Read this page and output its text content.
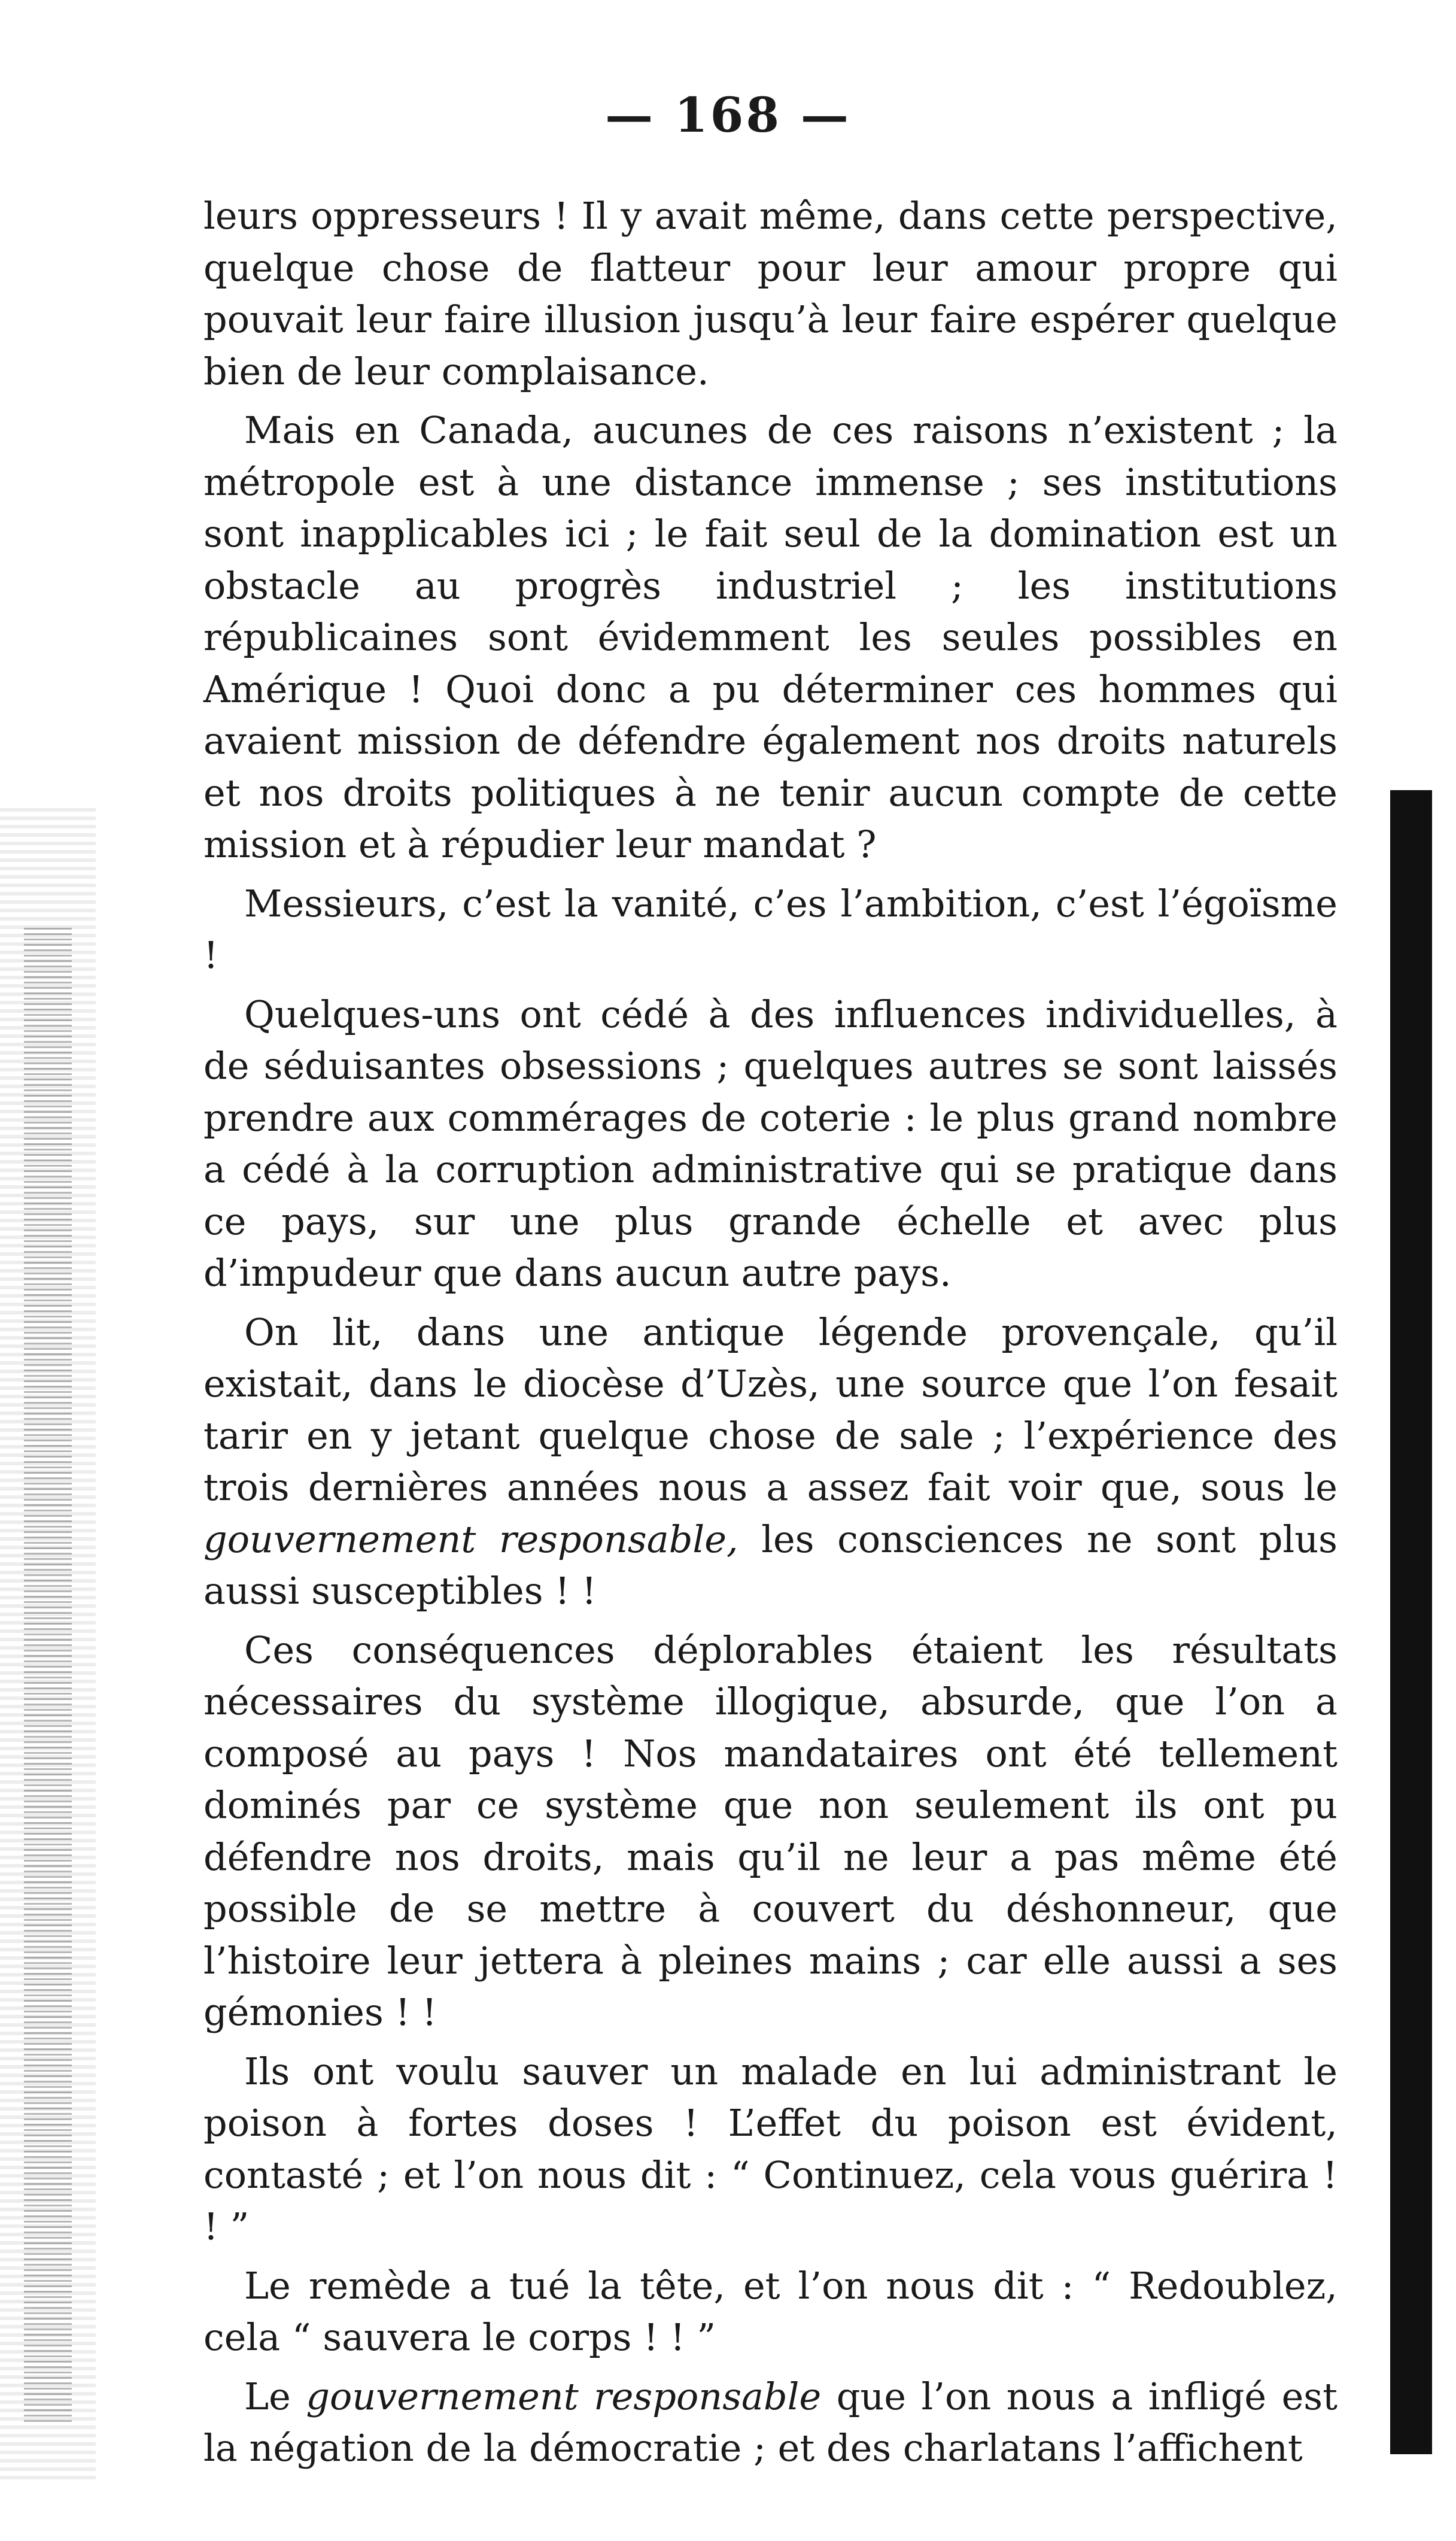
— 168 —

leurs oppresseurs ! Il y avait même, dans cette perspective, quelque chose de flatteur pour leur amour propre qui pouvait leur faire illusion jusqu’à leur faire espérer quelque bien de leur complaisance.

Mais en Canada, aucunes de ces raisons n’existent ; la métropole est à une distance immense ; ses institutions sont inapplicables ici ; le fait seul de la domination est un obstacle au progrès industriel ; les institutions républicaines sont évidemment les seules possibles en Amérique ! Quoi donc a pu déterminer ces hommes qui avaient mission de défendre également nos droits naturels et nos droits politiques à ne tenir aucun compte de cette mission et à répudier leur mandat ?

Messieurs, c’est la vanité, c’es l’ambition, c’est l’égoïsme !

Quelques-uns ont cédé à des influences individuelles, à de séduisantes obsessions ; quelques autres se sont laissés prendre aux commérages de coterie : le plus grand nombre a cédé à la corruption administrative qui se pratique dans ce pays, sur une plus grande échelle et avec plus d’impudeur que dans aucun autre pays.

On lit, dans une antique légende provençale, qu’il existait, dans le diocèse d’Uzès, une source que l’on fesait tarir en y jetant quelque chose de sale ; l’expérience des trois dernières années nous a assez fait voir que, sous le gouvernement responsable, les consciences ne sont plus aussi susceptibles ! !

Ces conséquences déplorables étaient les résultats nécessaires du système illogique, absurde, que l’on a composé au pays ! Nos mandataires ont été tellement dominés par ce système que non seulement ils ont pu défendre nos droits, mais qu’il ne leur a pas même été possible de se mettre à couvert du déshonneur, que l’histoire leur jettera à pleines mains ; car elle aussi a ses gémonies ! !

Ils ont voulu sauver un malade en lui administrant le poison à fortes doses ! L’effet du poison est évident, contasté ; et l’on nous dit : “ Continuez, cela vous guérira ! ! ”

Le remède a tué la tête, et l’on nous dit : “ Redoublez, cela “ sauvera le corps ! ! ”

Le gouvernement responsable que l’on nous a infligé est la négation de la démocratie ; et des charlatans l’affichent
